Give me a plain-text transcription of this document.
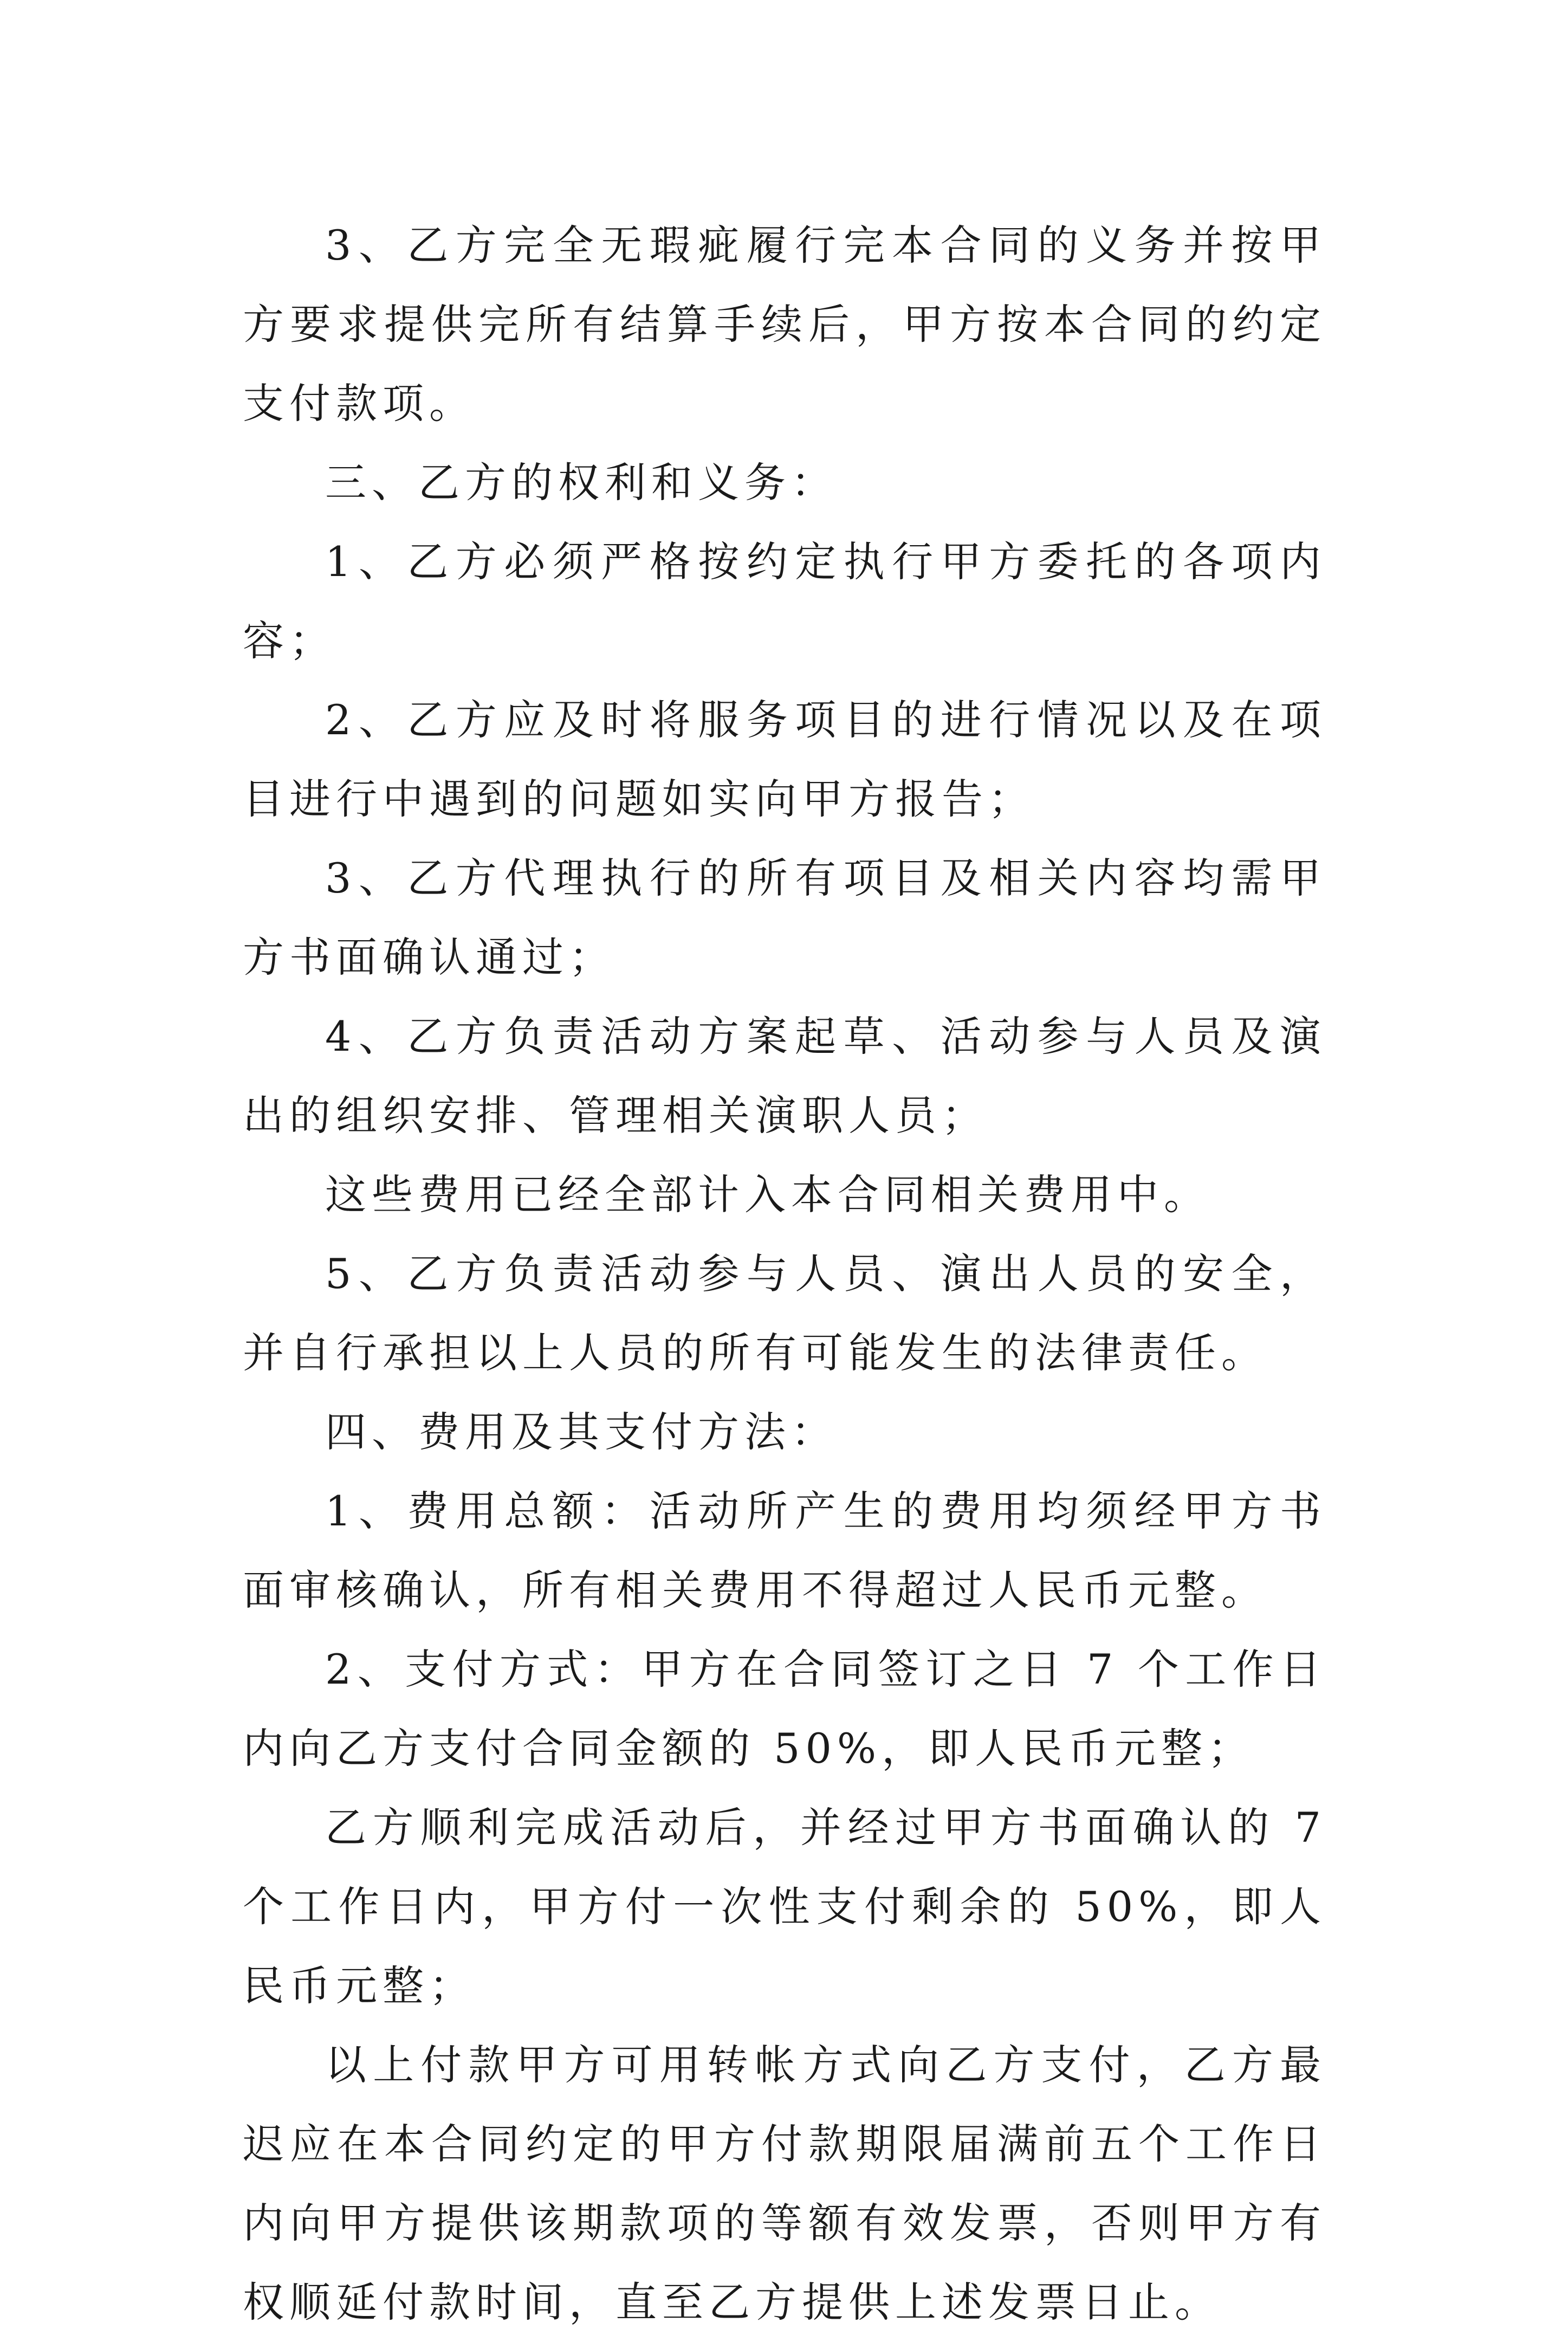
3、乙方完全无瑕疵履行完本合同的义务并按甲方要求提供完所有结算手续后，甲方按本合同的约定支付款项。

三、乙方的权利和义务：

1、乙方必须严格按约定执行甲方委托的各项内容；

2、乙方应及时将服务项目的进行情况以及在项目进行中遇到的问题如实向甲方报告；

3、乙方代理执行的所有项目及相关内容均需甲方书面确认通过；

4、乙方负责活动方案起草、活动参与人员及演出的组织安排、管理相关演职人员；

这些费用已经全部计入本合同相关费用中。

5、乙方负责活动参与人员、演出人员的安全，并自行承担以上人员的所有可能发生的法律责任。

四、费用及其支付方法：

1、费用总额：活动所产生的费用均须经甲方书面审核确认，所有相关费用不得超过人民币元整。

2、支付方式：甲方在合同签订之日 7 个工作日内向乙方支付合同金额的 50%，即人民币元整；

乙方顺利完成活动后，并经过甲方书面确认的 7 个工作日内，甲方付一次性支付剩余的 50%，即人民币元整；

以上付款甲方可用转帐方式向乙方支付，乙方最迟应在本合同约定的甲方付款期限届满前五个工作日内向甲方提供该期款项的等额有效发票，否则甲方有权顺延付款时间，直至乙方提供上述发票日止。
